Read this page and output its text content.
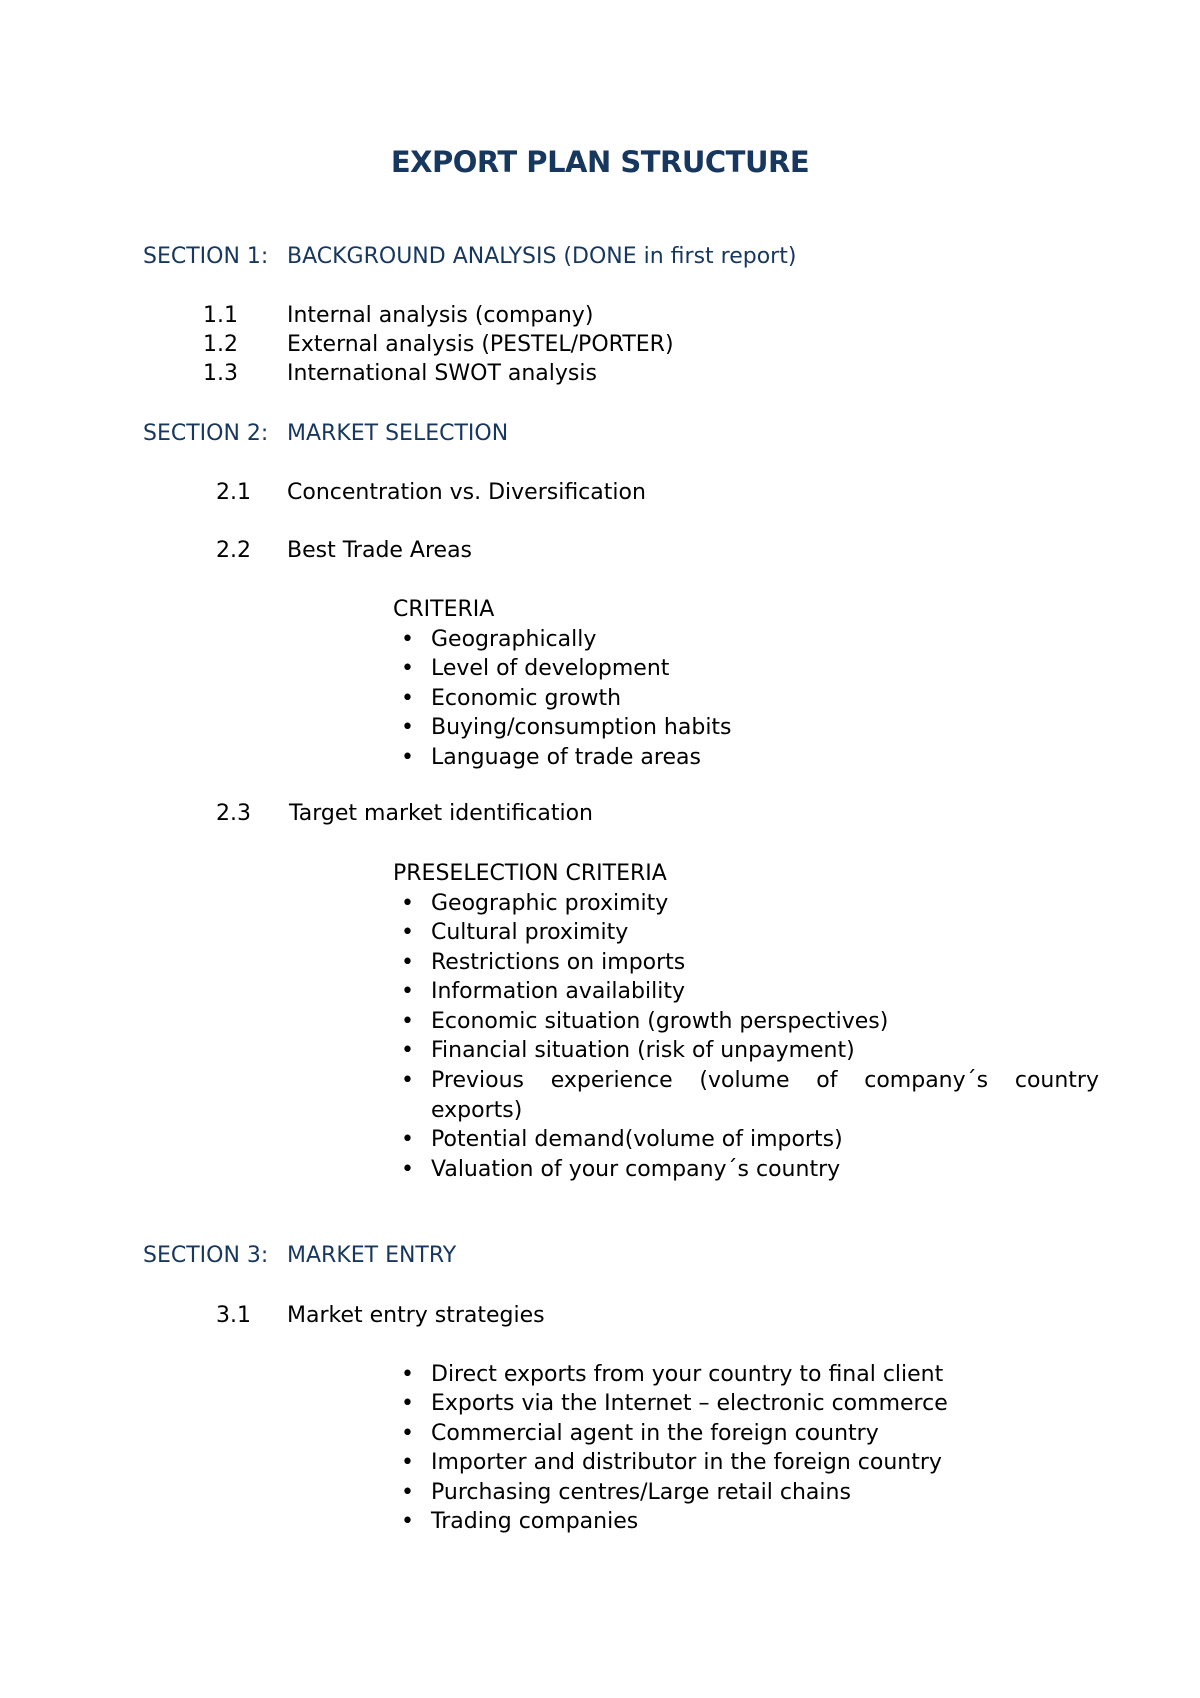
EXPORT PLAN STRUCTURE
SECTION 1: BACKGROUND ANALYSIS (DONE in first report)
1.1 Internal analysis (company)
1.2 External analysis (PESTEL/PORTER)
1.3 International SWOT analysis
SECTION 2: MARKET SELECTION
2.1 Concentration vs. Diversification
2.2 Best Trade Areas
CRITERIA
• Geographically
• Level of development
• Economic growth
• Buying/consumption habits
• Language of trade areas
2.3 Target market identification
PRESELECTION CRITERIA
• Geographic proximity
• Cultural proximity
• Restrictions on imports
• Information availability
• Economic situation (growth perspectives)
• Financial situation (risk of unpayment)
• Previous experience (volume of company´s country
exports)
• Potential demand(volume of imports)
• Valuation of your company´s country
SECTION 3: MARKET ENTRY
3.1 Market entry strategies
• Direct exports from your country to final client
• Exports via the Internet – electronic commerce
• Commercial agent in the foreign country
• Importer and distributor in the foreign country
• Purchasing centres/Large retail chains
• Trading companies
